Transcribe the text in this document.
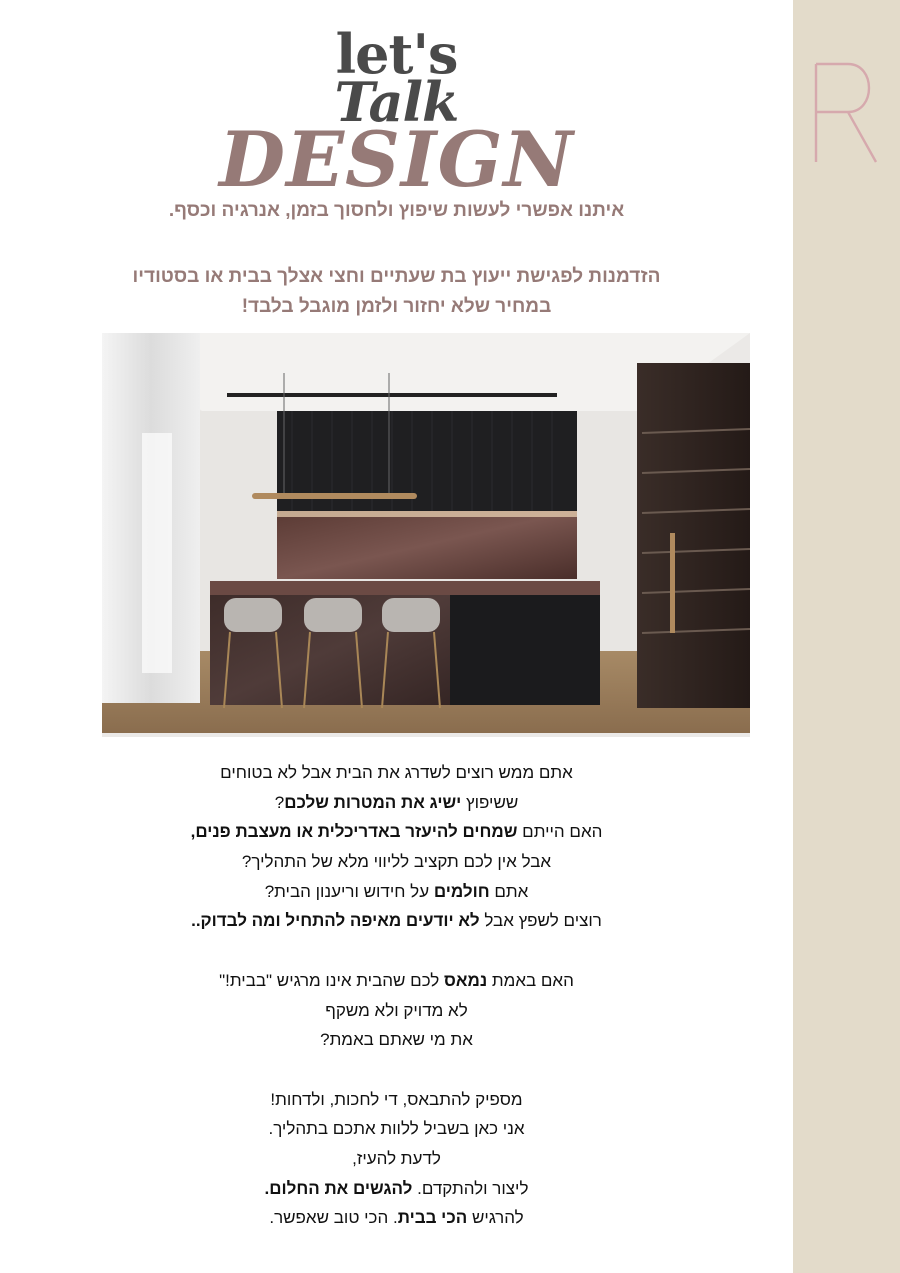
let's
Talk
DESIGN
איתנו אפשרי לעשות שיפוץ ולחסוך בזמן, אנרגיה וכסף.
הזדמנות לפגישת ייעוץ בת שעתיים וחצי אצלך בבית או בסטודיו
במחיר שלא יחזור ולזמן מוגבל בלבד!
אתם ממש רוצים לשדרג את הבית אבל לא בטוחים
ששיפוץ ישיג את המטרות שלכם?
האם הייתם שמחים להיעזר באדריכלית או מעצבת פנים,
אבל אין לכם תקציב לליווי מלא של התהליך?
אתם חולמים על חידוש וריענון הבית?
רוצים לשפץ אבל לא יודעים מאיפה להתחיל ומה לבדוק..
האם באמת נמאס לכם שהבית אינו מרגיש "בבית!"
לא מדויק ולא משקף
את מי שאתם באמת?
מספיק להתבאס, די לחכות, ולדחות!
אני כאן בשביל ללוות אתכם בתהליך.
לדעת להעיז,
ליצור ולהתקדם. להגשים את החלום.
להרגיש הכי בבית. הכי טוב שאפשר.
